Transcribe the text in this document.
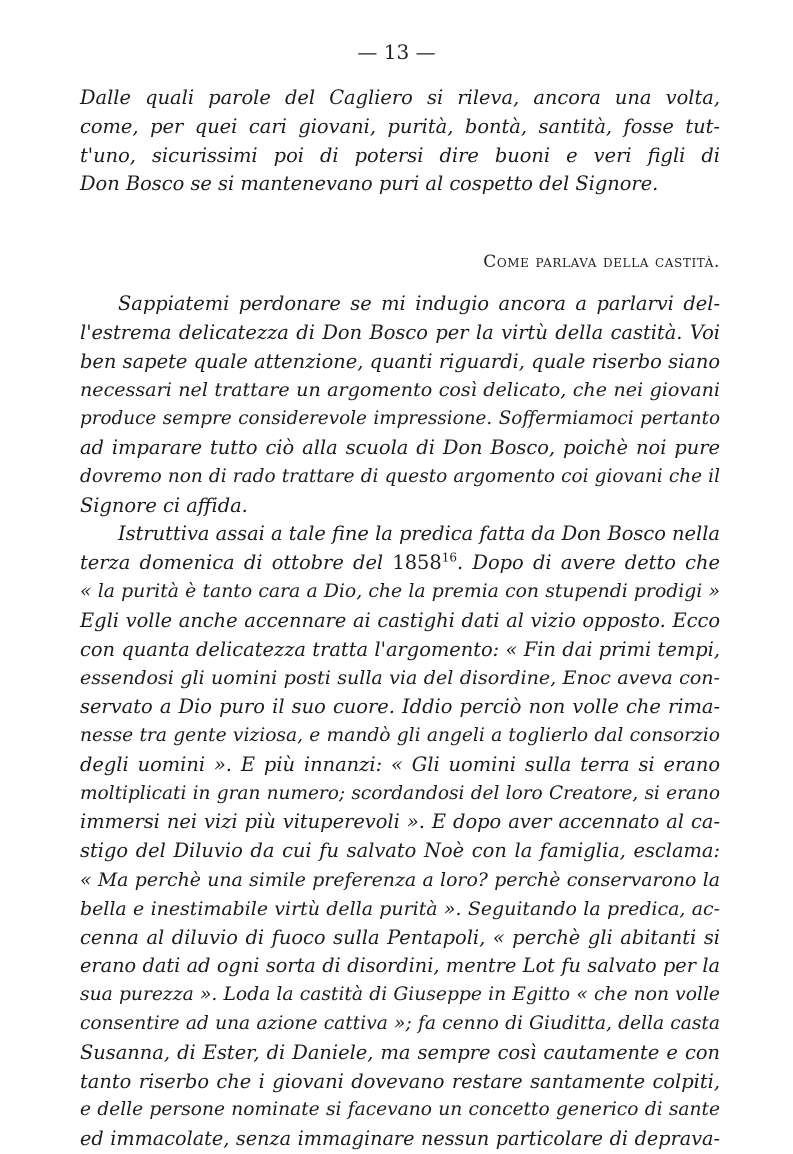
— 13 —
Dalle quali parole del Cagliero si rileva, ancora una volta,
come, per quei cari giovani, purità, bontà, santità, fosse tut-
t'uno, sicurissimi poi di potersi dire buoni e veri figli di
Don Bosco se si mantenevano puri al cospetto del Signore.
Come parlava della castità.
Sappiatemi perdonare se mi indugio ancora a parlarvi del-
l'estrema delicatezza di Don Bosco per la virtù della castità. Voi
ben sapete quale attenzione, quanti riguardi, quale riserbo siano
necessari nel trattare un argomento così delicato, che nei giovani
produce sempre considerevole impressione. Soffermiamoci pertanto
ad imparare tutto ciò alla scuola di Don Bosco, poichè noi pure
dovremo non di rado trattare di questo argomento coi giovani che il
Signore ci affida.
Istruttiva assai a tale fine la predica fatta da Don Bosco nella
terza domenica di ottobre del 1858$^{16}$. Dopo di avere detto che
« la purità è tanto cara a Dio, che la premia con stupendi prodigi »
Egli volle anche accennare ai castighi dati al vizio opposto. Ecco
con quanta delicatezza tratta l'argomento: « Fin dai primi tempi,
essendosi gli uomini posti sulla via del disordine, Enoc aveva con-
servato a Dio puro il suo cuore. Iddio perciò non volle che rima-
nesse tra gente viziosa, e mandò gli angeli a toglierlo dal consorzio
degli uomini ». E più innanzi: « Gli uomini sulla terra si erano
moltiplicati in gran numero; scordandosi del loro Creatore, si erano
immersi nei vizi più vituperevoli ». E dopo aver accennato al ca-
stigo del Diluvio da cui fu salvato Noè con la famiglia, esclama:
« Ma perchè una simile preferenza a loro? perchè conservarono la
bella e inestimabile virtù della purità ». Seguitando la predica, ac-
cenna al diluvio di fuoco sulla Pentapoli, « perchè gli abitanti si
erano dati ad ogni sorta di disordini, mentre Lot fu salvato per la
sua purezza ». Loda la castità di Giuseppe in Egitto « che non volle
consentire ad una azione cattiva »; fa cenno di Giuditta, della casta
Susanna, di Ester, di Daniele, ma sempre così cautamente e con
tanto riserbo che i giovani dovevano restare santamente colpiti,
e delle persone nominate si facevano un concetto generico di sante
ed immacolate, senza immaginare nessun particolare di deprava-
